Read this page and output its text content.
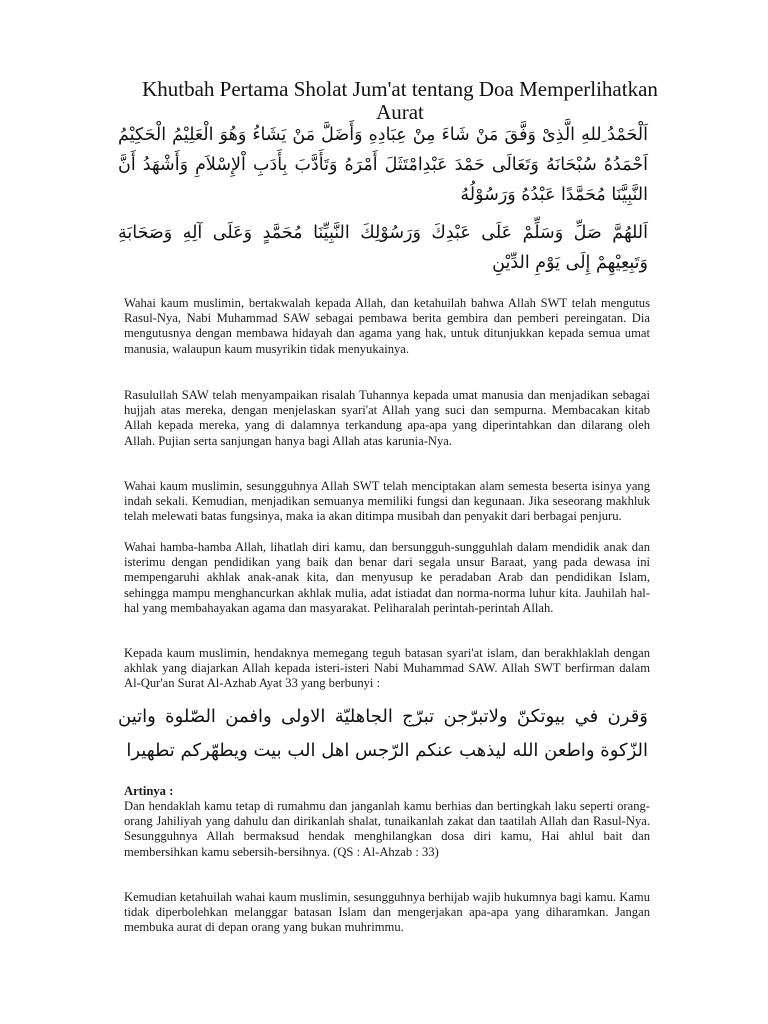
Khutbah Pertama Sholat Jum'at tentang Doa Memperlihatkan Aurat
اَلْحَمْدُ ِللهِ الَّذِىْ وَفَّقَ مَنْ شَاءَ مِنْ عِبَادِهِ وَأَضَلَّ مَنْ يَشَاءُ وَهُوَ الْعَلِيْمُ الْحَكِيْمُ اَحْمَدُهُ سُبْحَانَهُ وَتَعَالَى حَمْدَ عَبْدِامْتَثَلَ أَمْرَهُ وَتَأَدَّبَ بِأَدَبِ اْلإِسْلاَمِ وَأَشْهَدُ أَنَّ النَّبِيَّنَا مُحَمَّدًا عَبْدُهُ وَرَسُوْلُهُ
اَللهُمَّ صَلِّ وَسَلِّمْ عَلَى عَبْدِكَ وَرَسُوْلِكَ النَّبِيِّنَا مُحَمَّدٍ وَعَلَى آلِهِ وَصَحَابَةِ وَتَبِعِيْهِمْ إِلَى يَوْمِ الدِّيْنِ

Wahai kaum muslimin, bertakwalah kepada Allah, dan ketahuilah bahwa Allah SWT telah mengutus Rasul-Nya, Nabi Muhammad SAW sebagai pembawa berita gembira dan pemberi pereingatan. Dia mengutusnya dengan membawa hidayah dan agama yang hak, untuk ditunjukkan kepada semua umat manusia, walaupun kaum musyrikin tidak menyukainya.

Rasulullah SAW telah menyampaikan risalah Tuhannya kepada umat manusia dan menjadikan sebagai hujjah atas mereka, dengan menjelaskan syari'at Allah yang suci dan sempurna. Membacakan kitab Allah kepada mereka, yang di dalamnya terkandung apa-apa yang diperintahkan dan dilarang oleh Allah. Pujian serta sanjungan hanya bagi Allah atas karunia-Nya.

Wahai kaum muslimin, sesungguhnya Allah SWT telah menciptakan alam semesta beserta isinya yang indah sekali. Kemudian, menjadikan semuanya memiliki fungsi dan kegunaan. Jika seseorang makhluk telah melewati batas fungsinya, maka ia akan ditimpa musibah dan penyakit dari berbagai penjuru.

Wahai hamba-hamba Allah, lihatlah diri kamu, dan bersungguh-sungguhlah dalam mendidik anak dan isterimu dengan pendidikan yang baik dan benar dari segala unsur Baraat, yang pada dewasa ini mempengaruhi akhlak anak-anak kita, dan menyusup ke peradaban Arab dan pendidikan Islam, sehingga mampu menghancurkan akhlak mulia, adat istiadat dan norma-norma luhur kita. Jauhilah hal-hal yang membahayakan agama dan masyarakat. Peliharalah perintah-perintah Allah.

Kepada kaum muslimin, hendaknya memegang teguh batasan syari'at islam, dan berakhlaklah dengan akhlak yang diajarkan Allah kepada isteri-isteri Nabi Muhammad SAW. Allah SWT berfirman dalam Al-Qur'an Surat Al-Azhab Ayat 33 yang berbunyi :

وَقرن في بيوتكنّ ولاتبرّجن تبرّج الجاهليّة الاولى وافمن الصّلوة واتين الزّكوة واطعن الله ليذهب عنكم الرّجس اهل الب بيت ويطهّركم تطهيرا

Artinya :

Dan hendaklah kamu tetap di rumahmu dan janganlah kamu berhias dan bertingkah laku seperti orang-orang Jahiliyah yang dahulu dan dirikanlah shalat, tunaikanlah zakat dan taatilah Allah dan Rasul-Nya. Sesungguhnya Allah bermaksud hendak menghilangkan dosa diri kamu, Hai ahlul bait dan membersihkan kamu sebersih-bersihnya. (QS : Al-Ahzab : 33)

Kemudian ketahuilah wahai kaum muslimin, sesungguhnya berhijab wajib hukumnya bagi kamu. Kamu tidak diperbolehkan melanggar batasan Islam dan mengerjakan apa-apa yang diharamkan. Jangan membuka aurat di depan orang yang bukan muhrimmu.
